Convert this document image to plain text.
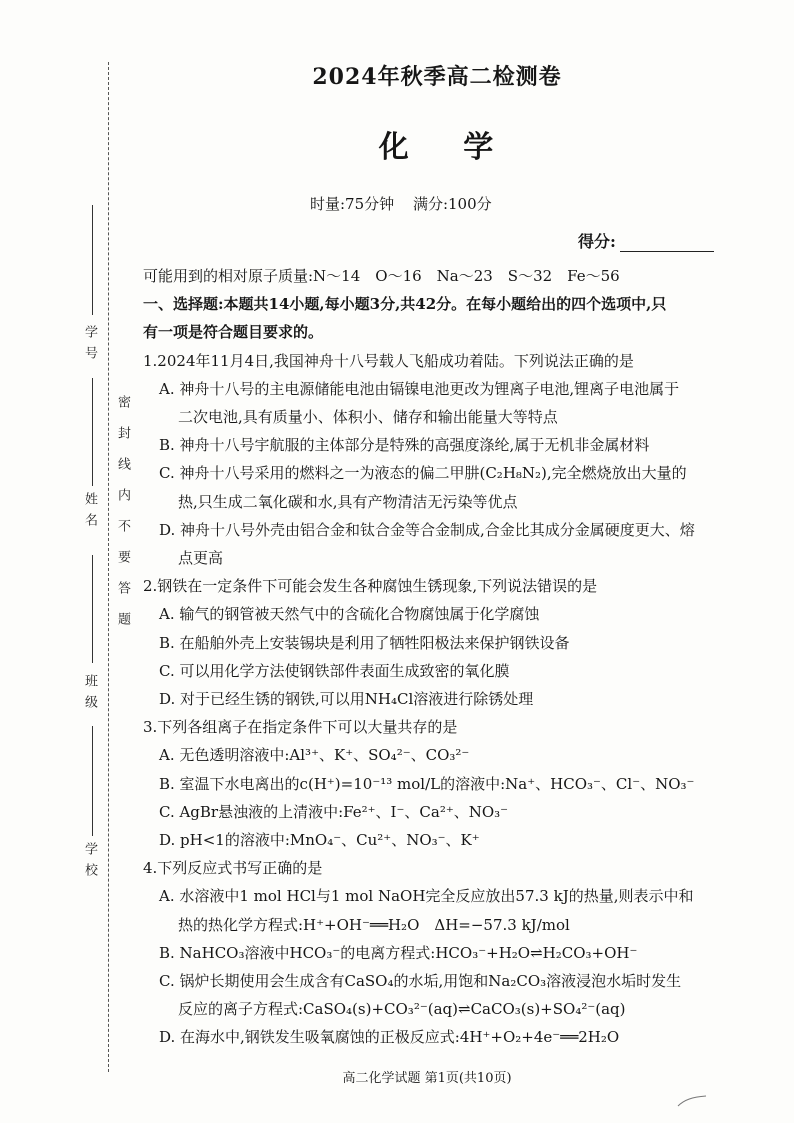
学 号
姓 名
班 级
学 校
密封线内不要答题
2024年秋季高二检测卷
化 学
时量:75分钟 满分:100分
得分:

可能用到的相对原子质量:N～14　O～16　Na～23　S～32　Fe～56

一、选择题:本题共14小题,每小题3分,共42分。在每小题给出的四个选项中,只

有一项是符合题目要求的。

1.2024年11月4日,我国神舟十八号载人飞船成功着陆。下列说法正确的是

A. 神舟十八号的主电源储能电池由镉镍电池更改为锂离子电池,锂离子电池属于

二次电池,具有质量小、体积小、储存和输出能量大等特点

B. 神舟十八号宇航服的主体部分是特殊的高强度涤纶,属于无机非金属材料

C. 神舟十八号采用的燃料之一为液态的偏二甲肼(C₂H₈N₂),完全燃烧放出大量的

热,只生成二氧化碳和水,具有产物清洁无污染等优点

D. 神舟十八号外壳由铝合金和钛合金等合金制成,合金比其成分金属硬度更大、熔

点更高

2.钢铁在一定条件下可能会发生各种腐蚀生锈现象,下列说法错误的是

A. 输气的钢管被天然气中的含硫化合物腐蚀属于化学腐蚀

B. 在船舶外壳上安装锡块是利用了牺牲阳极法来保护钢铁设备

C. 可以用化学方法使钢铁部件表面生成致密的氧化膜

D. 对于已经生锈的钢铁,可以用NH₄Cl溶液进行除锈处理

3.下列各组离子在指定条件下可以大量共存的是

A. 无色透明溶液中:Al³⁺、K⁺、SO₄²⁻、CO₃²⁻

B. 室温下水电离出的c(H⁺)=10⁻¹³ mol/L的溶液中:Na⁺、HCO₃⁻、Cl⁻、NO₃⁻

C. AgBr悬浊液的上清液中:Fe²⁺、I⁻、Ca²⁺、NO₃⁻

D. pH<1的溶液中:MnO₄⁻、Cu²⁺、NO₃⁻、K⁺

4.下列反应式书写正确的是

A. 水溶液中1 mol HCl与1 mol NaOH完全反应放出57.3 kJ的热量,则表示中和

热的热化学方程式:H⁺+OH⁻══H₂O　ΔH=−57.3 kJ/mol

B. NaHCO₃溶液中HCO₃⁻的电离方程式:HCO₃⁻+H₂O⇌H₂CO₃+OH⁻

C. 锅炉长期使用会生成含有CaSO₄的水垢,用饱和Na₂CO₃溶液浸泡水垢时发生

反应的离子方程式:CaSO₄(s)+CO₃²⁻(aq)⇌CaCO₃(s)+SO₄²⁻(aq)

D. 在海水中,钢铁发生吸氧腐蚀的正极反应式:4H⁺+O₂+4e⁻══2H₂O

高二化学试题 第1页(共10页)
